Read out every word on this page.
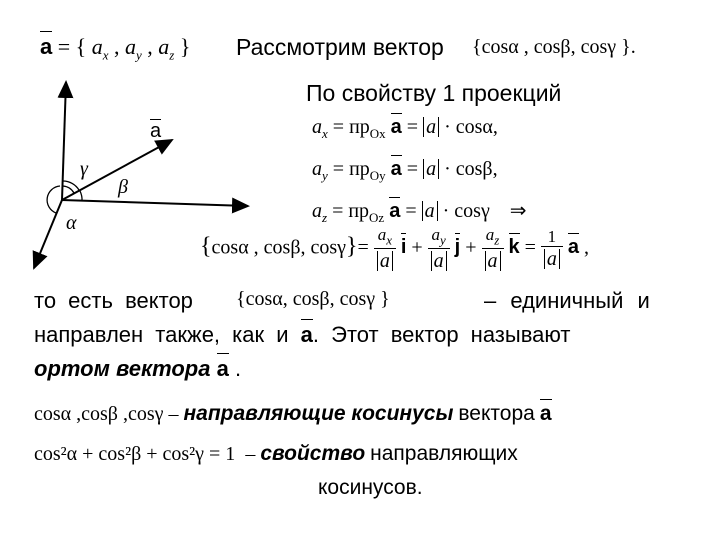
a = { $a_x$ , $a_y$ , $a_z$ } Рассмотрим вектор {cosα , cosβ, cosγ }.
a
γ
β
α
По свойству 1 проекций
$a_x = пр_{Ox}$ a = a · cosα,
$a_y = пр_{Oy}$ a = a · cosβ,
$a_z = пр_{Oz}$ a = a · cosγ ⇒
{cosα , cosβ, $\cos\gamma\}= \frac{a_x}{a}$ $i + \frac{a_y}{a}$ $j + \frac{a_z}{a}$ $k = \frac{1}{a}$ a ,
то есть вектор {cosα, cosβ, cosγ }	– единичный и
направлен также, как и a. Этот вектор называют
ортом вектора a .
cosα ,cosβ ,cosγ – направляющие косинусы вектора a
cos²α + cos²β + cos²γ = 1 – свойство направляющих
косинусов.
